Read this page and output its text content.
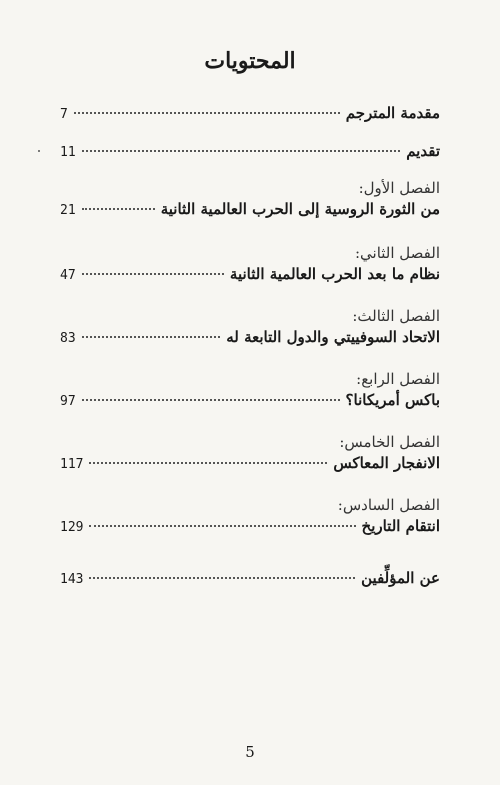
المحتويات
مقدمة المترجم
7
تقديم
11
الفصل الأول:
من الثورة الروسية إلى الحرب العالمية الثانية
21
الفصل الثاني:
نظام ما بعد الحرب العالمية الثانية
47
الفصل الثالث:
الاتحاد السوفييتي والدول التابعة له
83
الفصل الرابع:
باكس أمريكانا؟
97
الفصل الخامس:
الانفجار المعاكس
117
الفصل السادس:
انتقام التاريخ
129
عن المؤلِّفين
143
5
